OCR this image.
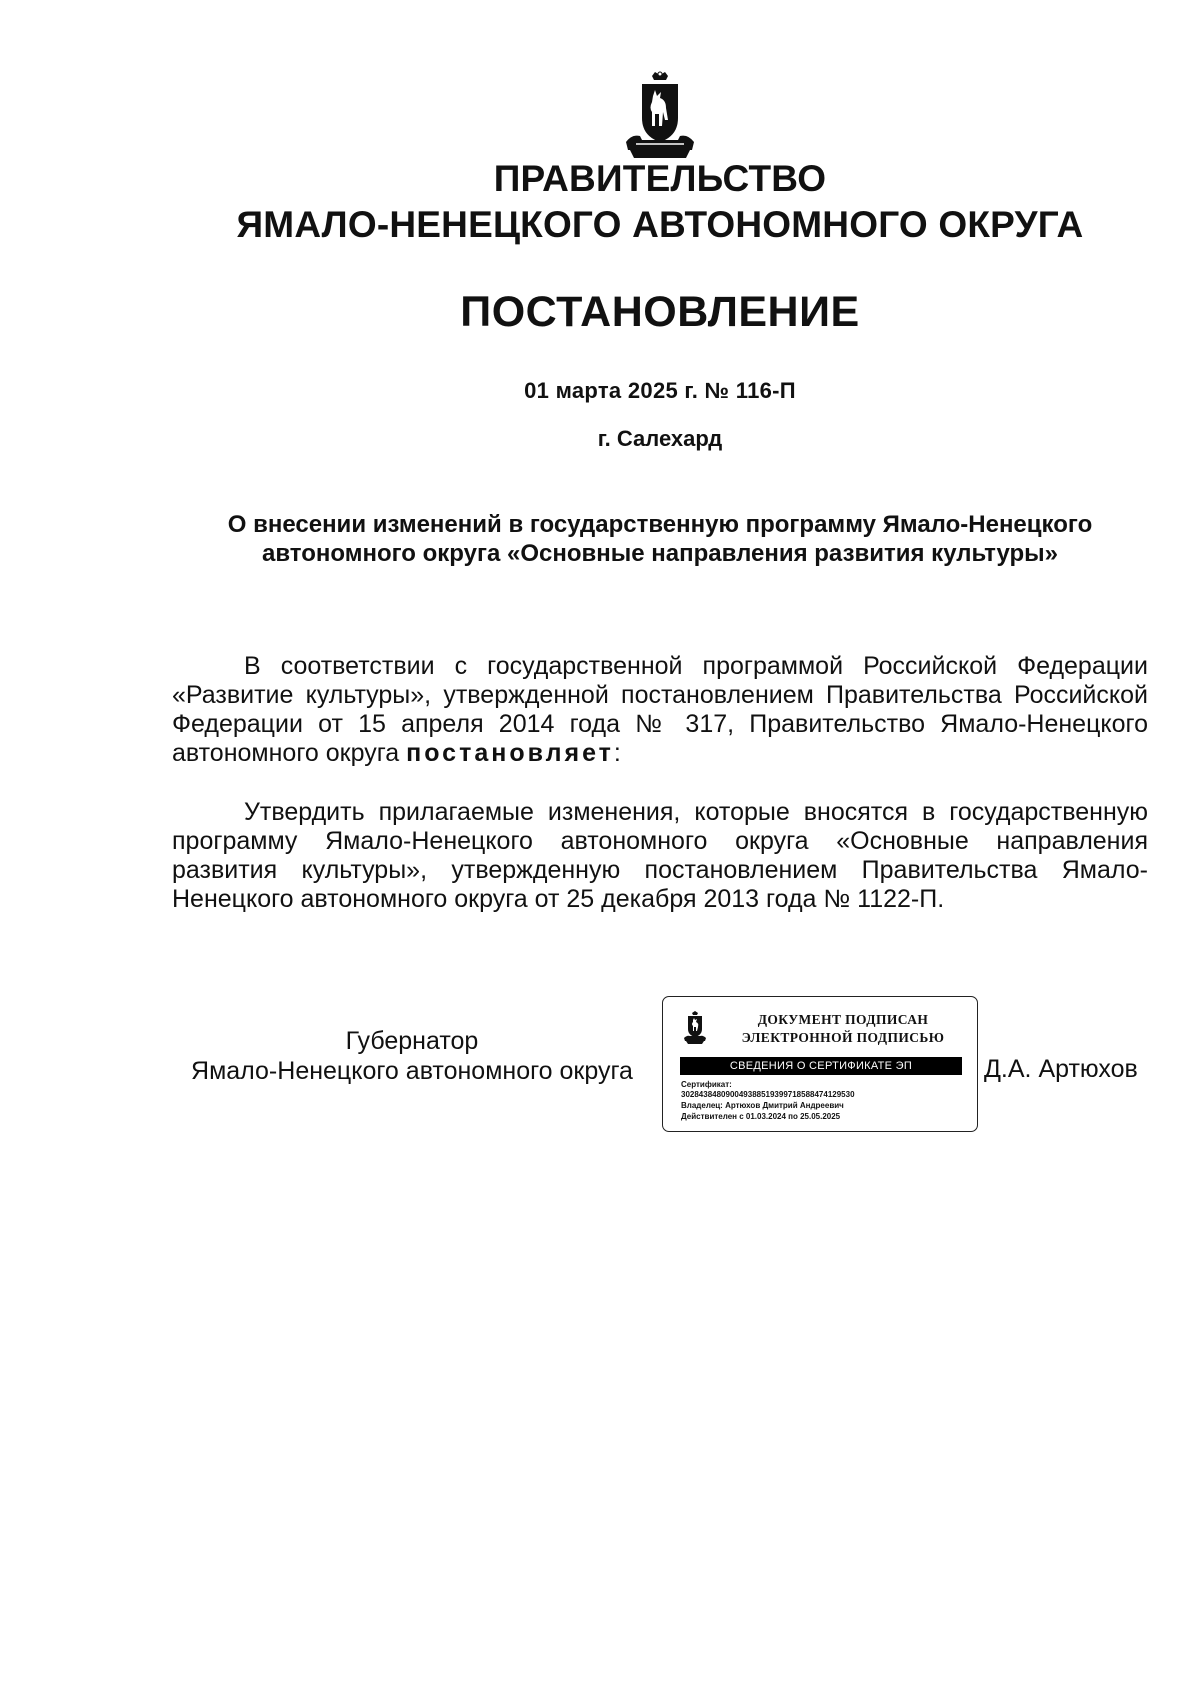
ПРАВИТЕЛЬСТВО
ЯМАЛО-НЕНЕЦКОГО АВТОНОМНОГО ОКРУГА
ПОСТАНОВЛЕНИЕ
01 марта 2025 г. № 116-П
г. Салехард
О внесении изменений в государственную программу Ямало-Ненецкого автономного округа «Основные направления развития культуры»

В соответствии с государственной программой Российской Федерации «Развитие культуры», утвержденной постановлением Правительства Российской Федерации от 15 апреля 2014 года № 317, Правительство Ямало-Ненецкого автономного округа постановляет:

Утвердить прилагаемые изменения, которые вносятся в государственную программу Ямало-Ненецкого автономного округа «Основные направления развития культуры», утвержденную постановлением Правительства Ямало-Ненецкого автономного округа от 25 декабря 2013 года № 1122-П.

Губернатор
Ямало-Ненецкого автономного округа
ДОКУМЕНТ ПОДПИСАН
ЭЛЕКТРОННОЙ ПОДПИСЬЮ
СВЕДЕНИЯ О СЕРТИФИКАТЕ ЭП
Сертификат:
302843848090049388519399718588474129530
Владелец: Артюхов Дмитрий Андреевич
Действителен с 01.03.2024 по 25.05.2025
Д.А. Артюхов
